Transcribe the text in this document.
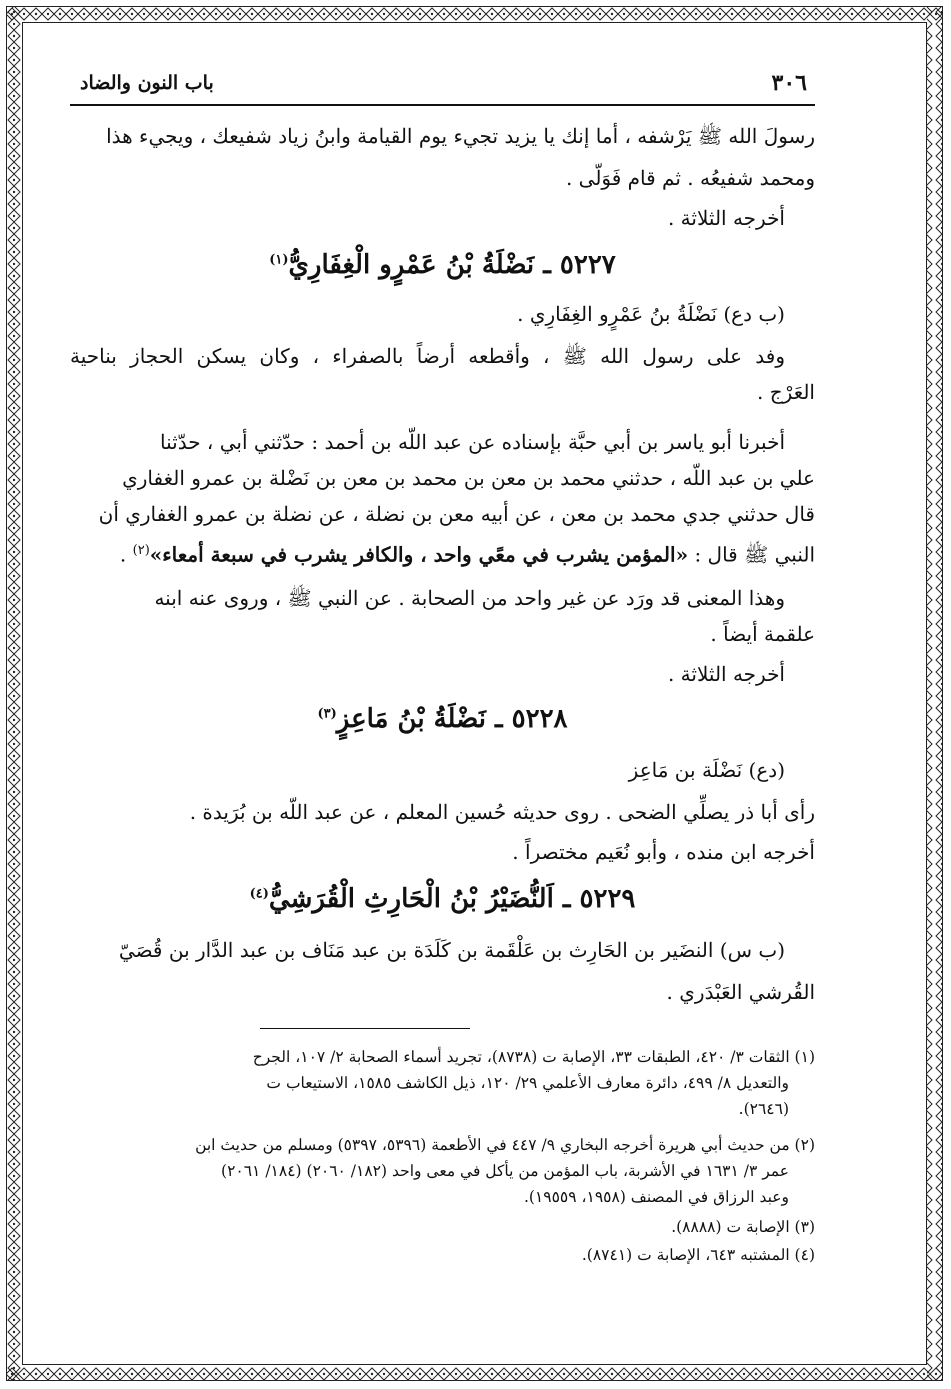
٣٠٦
باب النون والضاد
رسولَ الله ﷺ يَرْشفه ، أما إنك يا يزيد تجيء يوم القيامة وابنُ زياد شفيعك ، ويجيء هذا
ومحمد شفيعُه . ثم قام فَوَلّى .
أخرجه الثلاثة .
٥٢٢٧ ـ نَضْلَةُ بْنُ عَمْرٍو الْغِفَارِيُّ$^{(١)}$
(ب دع) نَضْلَةُ بنُ عَمْرٍو الغِفَارِي .
وفد على رسول الله ﷺ ، وأقطعه أرضاً بالصفراء ، وكان يسكن الحجاز بناحية
العَرْج .
أخبرنا أبو ياسر بن أبي حبَّة بإسناده عن عبد اللّه بن أحمد : حدّثني أبي ، حدّثنا
علي بن عبد اللّه ، حدثني محمد بن معن بن محمد بن معن بن نَضْلة بن عمرو الغفاري
قال حدثني جدي محمد بن معن ، عن أبيه معن بن نضلة ، عن نضلة بن عمرو الغفاري أن
النبي ﷺ قال : «المؤمن يشرب في معًي واحد ، والكافر يشرب في سبعة أمعاء»$^{(٢)}$ .
وهذا المعنى قد ورَد عن غير واحد من الصحابة . عن النبي ﷺ ، وروى عنه ابنه
علقمة أيضاً .
أخرجه الثلاثة .
٥٢٢٨ ـ نَضْلَةُ بْنُ مَاعِزٍ$^{(٣)}$
(دع) نَضْلَة بن مَاعِز
رأى أبا ذر يصلِّي الضحى . روى حديثه حُسين المعلم ، عن عبد اللّه بن بُرَيدة .
أخرجه ابن منده ، وأبو نُعَيم مختصراً .
٥٢٢٩ ـ اَلنُّضَيْرُ بْنُ الْحَارِثِ الْقُرَشِيُّ$^{(٤)}$
(ب س) النضَير بن الحَارِث بن عَلْقَمة بن كَلَدَة بن عبد مَنَاف بن عبد الدَّار بن قُصَيّ
القُرشي العَبْدَري .
(١) الثقات ٣/ ٤٢٠، الطبقات ٣٣، الإصابة ت (٨٧٣٨)، تجريد أسماء الصحابة ٢/ ١٠٧، الجرح
والتعديل ٨/ ٤٩٩، دائرة معارف الأعلمي ٢٩/ ١٢٠، ذيل الكاشف ١٥٨٥، الاستيعاب ت
(٢٦٤٦).
(٢) من حديث أبي هريرة أخرجه البخاري ٩/ ٤٤٧ في الأطعمة (٥٣٩٦، ٥٣٩٧) ومسلم من حديث ابن
عمر ٣/ ١٦٣١ في الأشربة، باب المؤمن من يأكل في معى واحد (١٨٢/ ٢٠٦٠) (١٨٤/ ٢٠٦١)
وعبد الرزاق في المصنف (١٩٥٨، ١٩٥٥٩).
(٣) الإصابة ت (٨٨٨٨).
(٤) المشتبه ٦٤٣، الإصابة ت (٨٧٤١).
